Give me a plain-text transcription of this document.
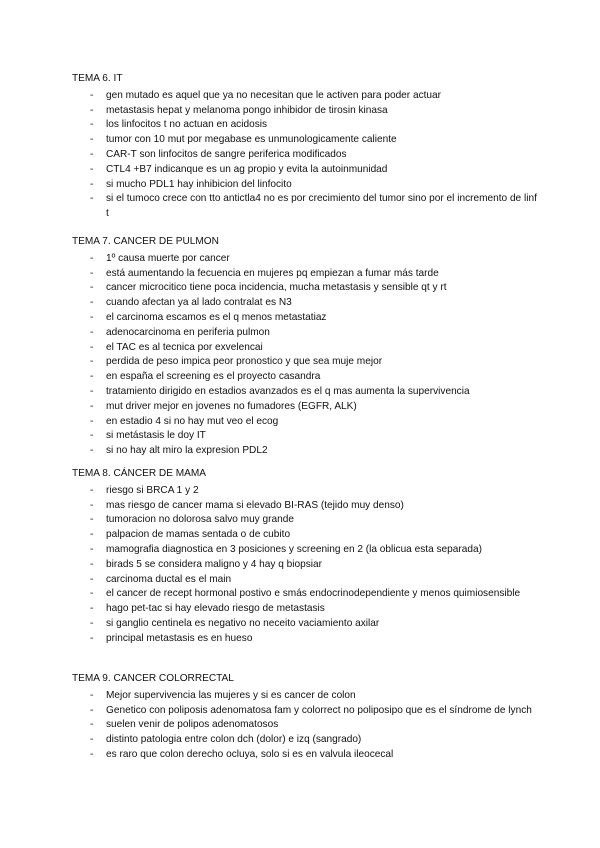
TEMA 6. IT
- gen mutado es aquel que ya no necesitan que le activen para poder actuar
- metastasis hepat y melanoma pongo inhibidor de tirosin kinasa
- los linfocitos t no actuan en acidosis
- tumor con 10 mut por megabase es unmunologicamente caliente
- CAR-T son linfocitos de sangre periferica modificados
- CTL4 +B7 indicanque es un ag propio y evita la autoinmunidad
- si mucho PDL1 hay inhibicion del linfocito
- si el tumoco crece con tto antictla4 no es por crecimiento del tumor sino por el incremento de linf t
TEMA 7. CANCER DE PULMON
- 1º causa muerte por cancer
- está aumentando la fecuencia en mujeres pq empiezan a fumar más tarde
- cancer microcitico tiene poca incidencia, mucha metastasis y sensible qt y rt
- cuando afectan ya al lado contralat es N3
- el carcinoma escamos es el q menos metastatiaz
- adenocarcinoma en periferia pulmon
- el TAC es al tecnica por exvelencai
- perdida de peso impica peor pronostico y que sea muje mejor
- en españa el screening es el proyecto casandra
- tratamiento dirigido en estadios avanzados es el q mas aumenta la supervivencia
- mut driver mejor en jovenes no fumadores (EGFR, ALK)
- en estadio 4 si no hay mut veo el ecog
- si metástasis le doy IT
- si no hay alt miro la expresion PDL2
TEMA 8. CÁNCER DE MAMA
- riesgo si BRCA 1 y 2
- mas riesgo de cancer mama si elevado BI-RAS (tejido muy denso)
- tumoracion no dolorosa salvo muy grande
- palpacion de mamas sentada o de cubito
- mamografia diagnostica en 3 posiciones y screening en 2 (la oblicua esta separada)
- birads 5 se considera maligno y 4 hay q biopsiar
- carcinoma ductal es el main
- el cancer de recept hormonal postivo e smás endocrinodependiente y menos quimiosensible
- hago pet-tac si hay elevado riesgo de metastasis
- si ganglio centinela es negativo no neceito vaciamiento axilar
- principal metastasis es en hueso
TEMA 9. CANCER COLORRECTAL
- Mejor supervivencia las mujeres y si es cancer de colon
- Genetico con poliposis adenomatosa fam y colorrect no poliposipo que es el síndrome de lynch
- suelen venir de polipos adenomatosos
- distinto patologia entre colon dch (dolor) e izq (sangrado)
- es raro que colon derecho ocluya, solo si es en valvula ileocecal
